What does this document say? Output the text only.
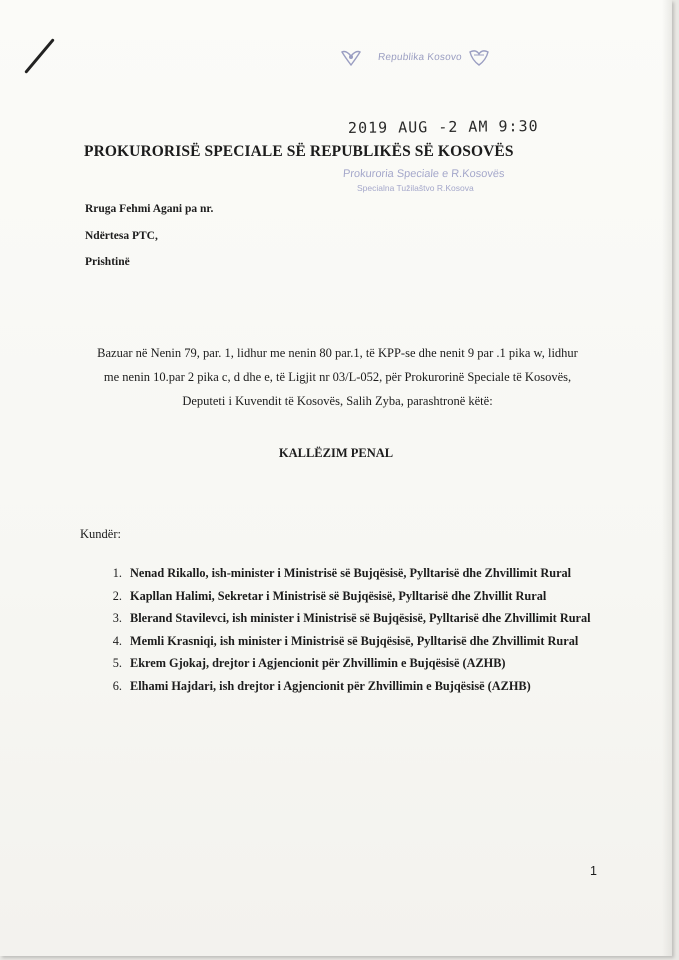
Republika Kosovo
2019 AUG -2 AM 9:30
PROKURORISË SPECIALE SË REPUBLIKËS SË KOSOVËS
Prokuroria Speciale e R.Kosovës
Specialna Tužilaštvo R.Kosova
Rruga Fehmi Agani pa nr.
Ndërtesa PTC,
Prishtinë
Bazuar në Nenin 79, par. 1, lidhur me nenin 80 par.1, të KPP-se dhe nenit 9 par .1 pika w, lidhur
me nenin 10.par 2 pika c, d dhe e, të Ligjit nr 03/L-052, për Prokurorinë Speciale të Kosovës,
Deputeti i Kuvendit të Kosovës, Salih Zyba, parashtronë këtë:
KALLËZIM PENAL
Kundër:
1. Nenad Rikallo, ish-minister i Ministrisë së Bujqësisë, Pylltarisë dhe Zhvillimit Rural
2. Kapllan Halimi, Sekretar i Ministrisë së Bujqësisë, Pylltarisë dhe Zhvillit Rural
3. Blerand Stavilevci, ish minister i Ministrisë së Bujqësisë, Pylltarisë dhe Zhvillimit Rural
4. Memli Krasniqi, ish minister i Ministrisë së Bujqësisë, Pylltarisë dhe Zhvillimit Rural
5. Ekrem Gjokaj, drejtor i Agjencionit për Zhvillimin e Bujqësisë (AZHB)
6. Elhami Hajdari, ish drejtor i Agjencionit për Zhvillimin e Bujqësisë (AZHB)
1
